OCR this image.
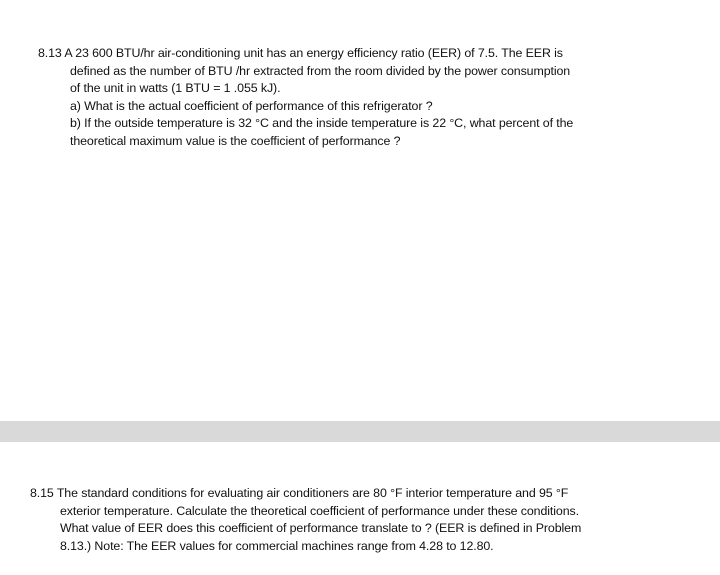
8.13 A 23 600 BTU/hr air-conditioning unit has an energy efficiency ratio (EER) of 7.5. The EER is
defined as the number of BTU /hr extracted from the room divided by the power consumption
of the unit in watts (1 BTU = 1 .055 kJ).
a) What is the actual coefficient of performance of this refrigerator ?
b) If the outside temperature is 32 °C and the inside temperature is 22 °C, what percent of the
theoretical maximum value is the coefficient of performance ?
8.15 The standard conditions for evaluating air conditioners are 80 °F interior temperature and 95 °F
exterior temperature. Calculate the theoretical coefficient of performance under these conditions.
What value of EER does this coefficient of performance translate to ? (EER is defined in Problem
8.13.) Note: The EER values for commercial machines range from 4.28 to 12.80.
